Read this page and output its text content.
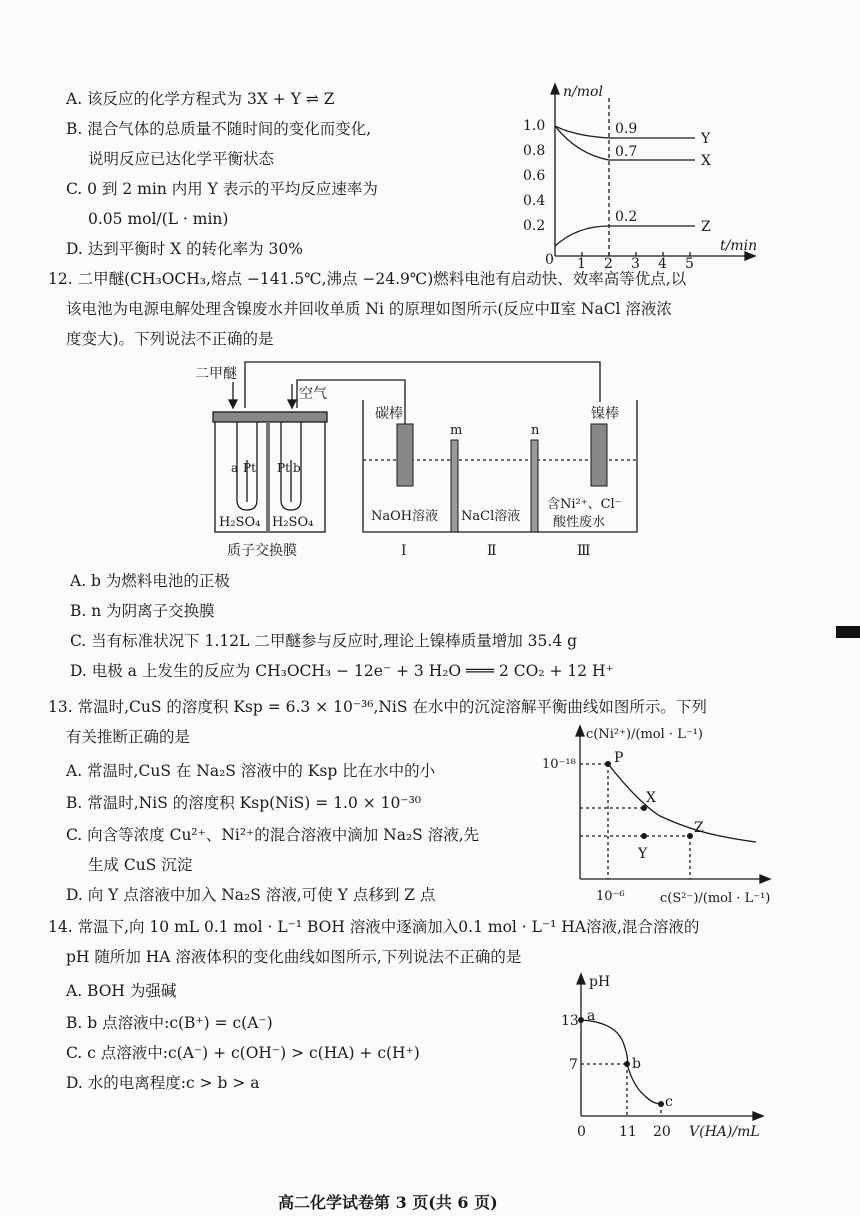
A. 该反应的化学方程式为 3X + Y ⇌ Z
B. 混合气体的总质量不随时间的变化而变化,
说明反应已达化学平衡状态
C. 0 到 2 min 内用 Y 表示的平均反应速率为
0.05 mol/(L · min)
D. 达到平衡时 X 的转化率为 30%
n/mol
t/min
1.0
0.8
0.6
0.4
0.2
0 1 2 3 4 5
0.9
0.7
0.2
Y
X
Z
12. 二甲醚(CH₃OCH₃,熔点 −141.5℃,沸点 −24.9℃)燃料电池有启动快、效率高等优点,以
该电池为电源电解处理含镍废水并回收单质 Ni 的原理如图所示(反应中Ⅱ室 NaCl 溶液浓
度变大)。下列说法不正确的是
二甲醚
空气
碳棒	镍棒
m	n
a Pt Pt b
H₂SO₄ H₂SO₄	NaOH溶液 NaCl溶液
含Ni²⁺、Cl⁻
酸性废水
质子交换膜	Ⅰ	Ⅱ	Ⅲ
A. b 为燃料电池的正极
B. n 为阴离子交换膜
C. 当有标准状况下 1.12L 二甲醚参与反应时,理论上镍棒质量增加 35.4 g
D. 电极 a 上发生的反应为 CH₃OCH₃ − 12e⁻ + 3 H₂O ═══ 2 CO₂ + 12 H⁺
13. 常温时,CuS 的溶度积 Ksp = 6.3 × 10⁻³⁶,NiS 在水中的沉淀溶解平衡曲线如图所示。下列
有关推断正确的是
A. 常温时,CuS 在 Na₂S 溶液中的 Ksp 比在水中的小
B. 常温时,NiS 的溶度积 Ksp(NiS) = 1.0 × 10⁻³⁰
C. 向含等浓度 Cu²⁺、Ni²⁺的混合溶液中滴加 Na₂S 溶液,先
生成 CuS 沉淀
D. 向 Y 点溶液中加入 Na₂S 溶液,可使 Y 点移到 Z 点
c(Ni²⁺)/(mol · L⁻¹)
c(S²⁻)/(mol · L⁻¹)
10⁻¹⁸
10⁻⁶
P
X
Y
Z
14. 常温下,向 10 mL 0.1 mol · L⁻¹ BOH 溶液中逐滴加入0.1 mol · L⁻¹ HA溶液,混合溶液的
pH 随所加 HA 溶液体积的变化曲线如图所示,下列说法不正确的是
A. BOH 为强碱
B. b 点溶液中:c(B⁺) = c(A⁻)
C. c 点溶液中:c(A⁻) + c(OH⁻) > c(HA) + c(H⁺)
D. 水的电离程度:c > b > a
pH
V(HA)/mL
13
7
0 11 20
a
b
c
高二化学试卷第 3 页(共 6 页)
